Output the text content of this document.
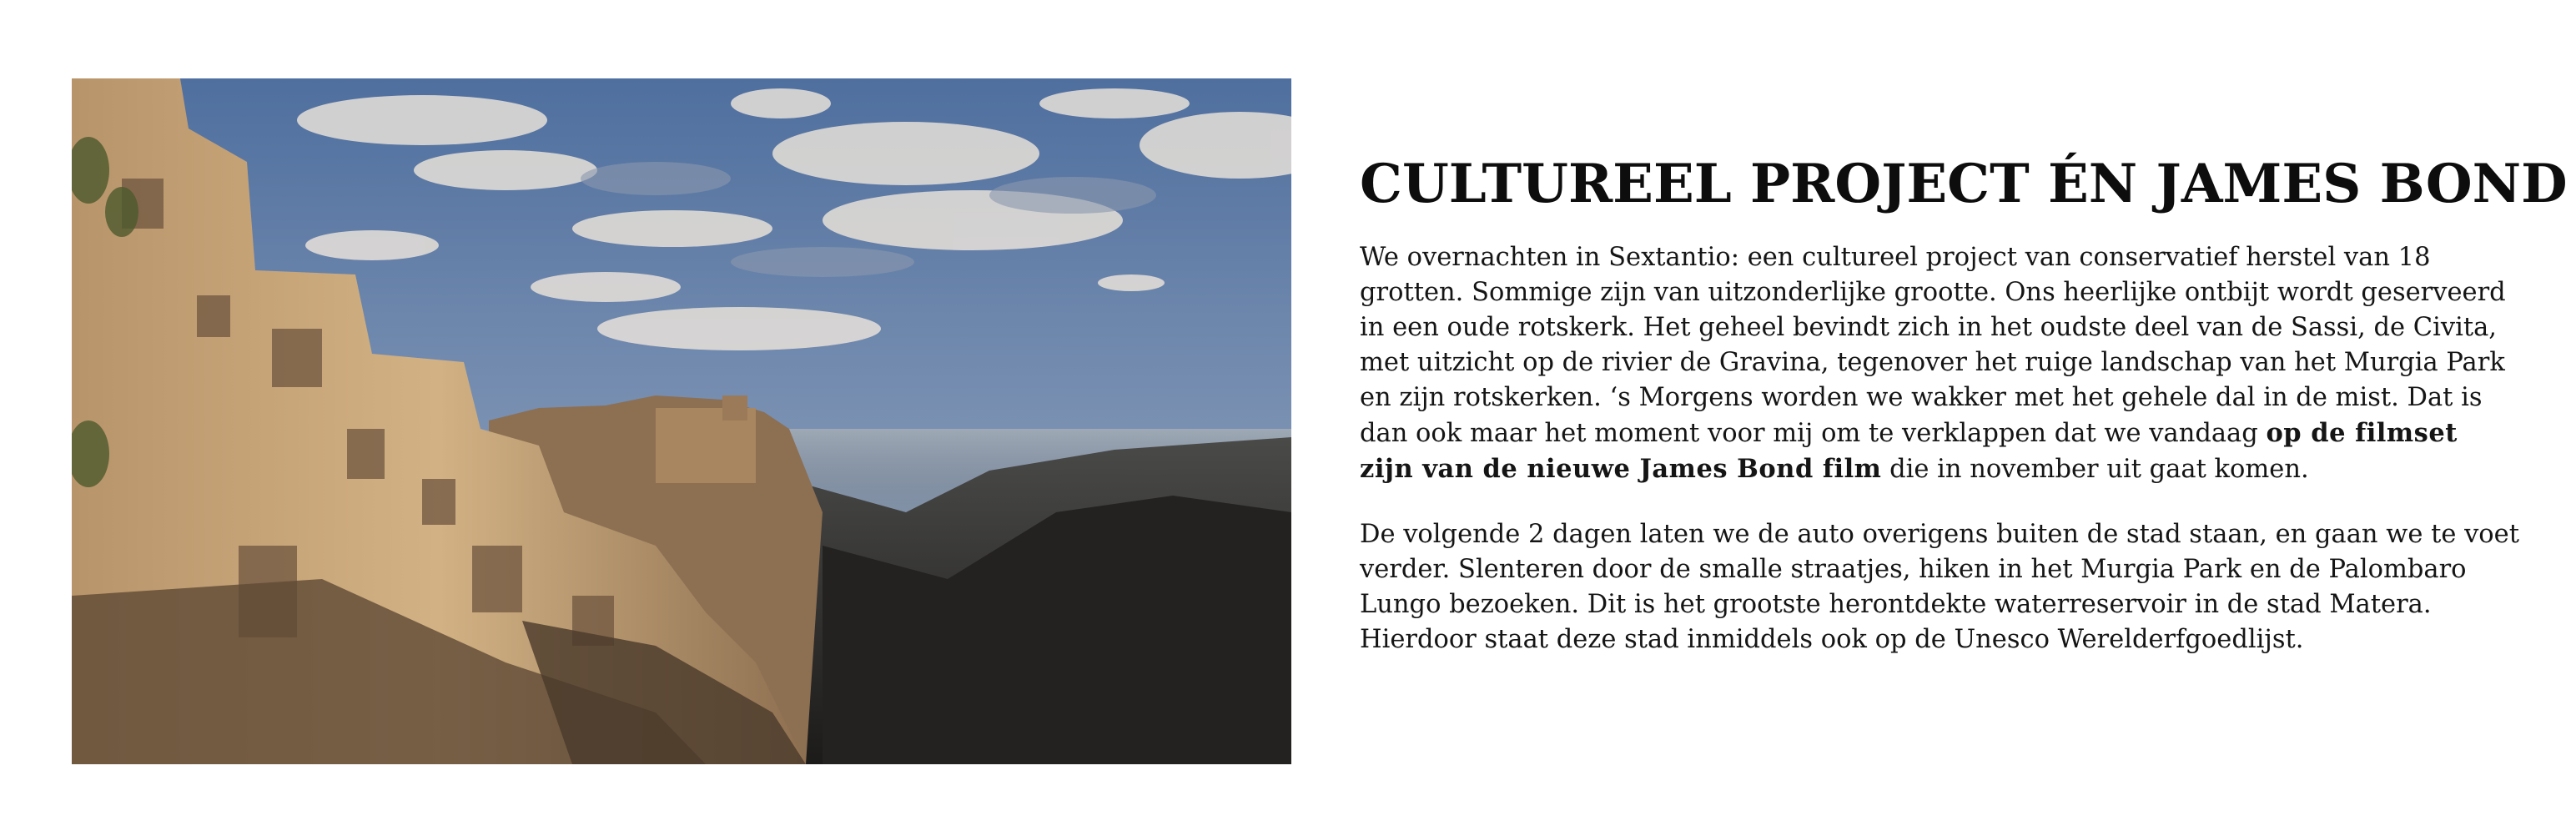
CULTUREEL PROJECT ÉN JAMES BOND

We overnachten in Sextantio: een cultureel project van conservatief herstel van 18 grotten. Sommige zijn van uitzonderlijke grootte. Ons heerlijke ontbijt wordt geserveerd in een oude rotskerk. Het geheel bevindt zich in het oudste deel van de Sassi, de Civita, met uitzicht op de rivier de Gravina, tegenover het ruige landschap van het Murgia Park en zijn rotskerken. ‘s Morgens worden we wakker met het gehele dal in de mist. Dat is dan ook maar het moment voor mij om te verklappen dat we vandaag op de filmset zijn van de nieuwe James Bond film die in november uit gaat komen.

De volgende 2 dagen laten we de auto overigens buiten de stad staan, en gaan we te voet verder. Slenteren door de smalle straatjes, hiken in het Murgia Park en de Palombaro Lungo bezoeken. Dit is het grootste herontdekte waterreservoir in de stad Matera. Hierdoor staat deze stad inmiddels ook op de Unesco Werelderfgoedlijst.
